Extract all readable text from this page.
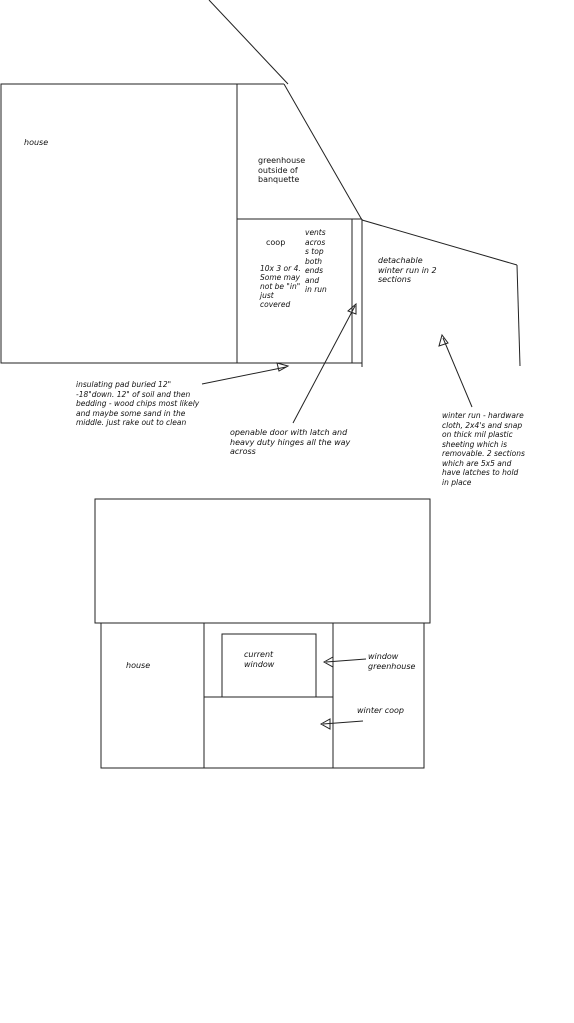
house
greenhouse
outside of
banquette
coop
10x 3 or 4.
Some may
not be "in"
just
covered
vents
acros
s top
both
ends
and
in run
detachable
winter run in 2
sections
insulating pad buried 12"
-18"down. 12" of soil and then
bedding - wood chips most likely
and maybe some sand in the
middle. just rake out to clean
openable door with latch and
heavy duty hinges all the way
across
winter run - hardware
cloth, 2x4's and snap
on thick mil plastic
sheeting which is
removable. 2 sections
which are 5x5 and
have latches to hold
in place
house
current
window
window
greenhouse
winter coop
